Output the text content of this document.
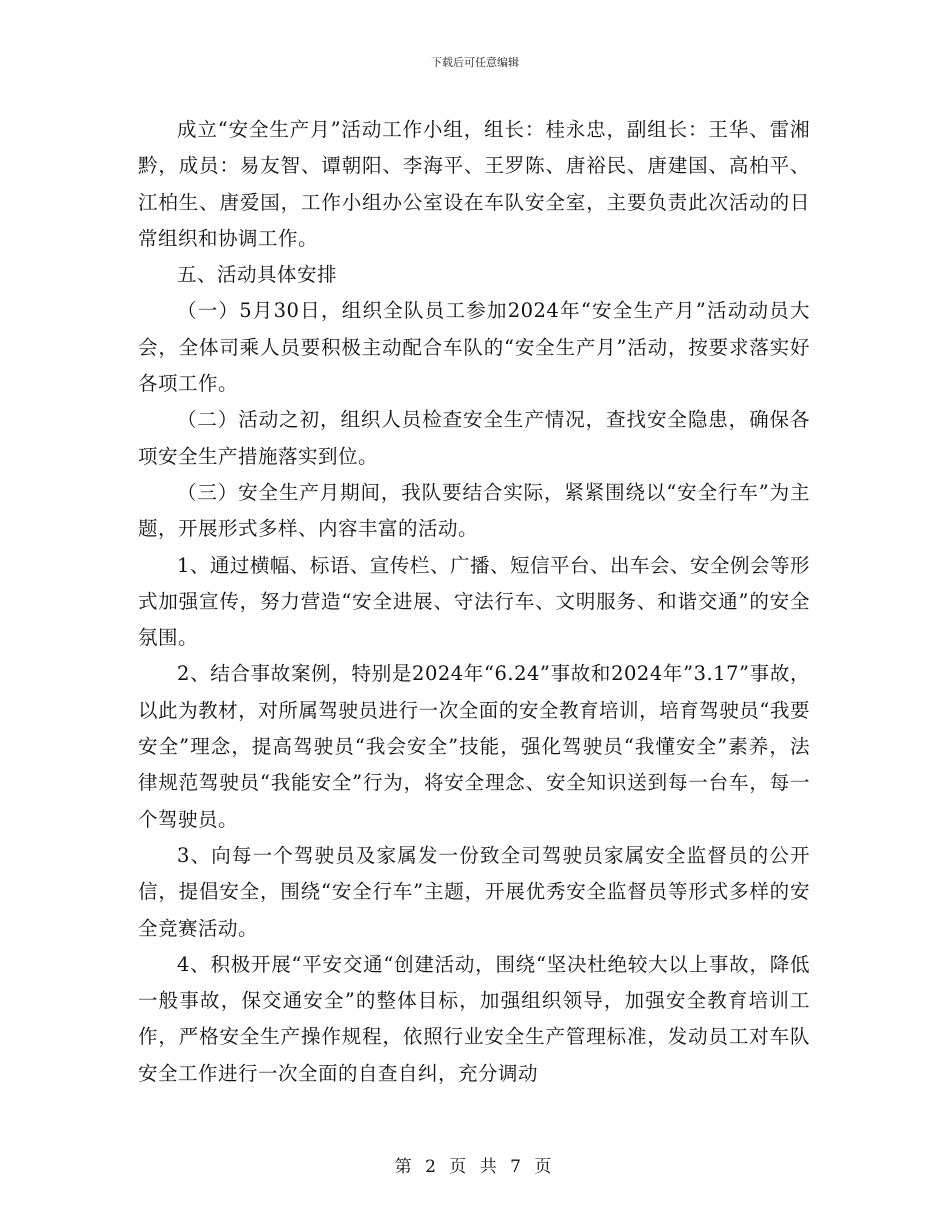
下载后可任意编辑

成立“安全生产月”活动工作小组，组长：桂永忠，副组长：王华、雷湘黔，成员：易友智、谭朝阳、李海平、王罗陈、唐裕民、唐建国、高柏平、江柏生、唐爱国，工作小组办公室设在车队安全室，主要负责此次活动的日常组织和协调工作。

五、活动具体安排

（一）5月30日，组织全队员工参加2024年“安全生产月”活动动员大会，全体司乘人员要积极主动配合车队的“安全生产月”活动，按要求落实好各项工作。

（二）活动之初，组织人员检查安全生产情况，查找安全隐患，确保各项安全生产措施落实到位。

（三）安全生产月期间，我队要结合实际，紧紧围绕以“安全行车”为主题，开展形式多样、内容丰富的活动。

1、通过横幅、标语、宣传栏、广播、短信平台、出车会、安全例会等形式加强宣传，努力营造“安全进展、守法行车、文明服务、和谐交通”的安全氛围。

2、结合事故案例，特别是2024年“6.24”事故和2024年”3.17”事故，以此为教材，对所属驾驶员进行一次全面的安全教育培训，培育驾驶员“我要安全”理念，提高驾驶员“我会安全”技能，强化驾驶员“我懂安全”素养，法律规范驾驶员“我能安全”行为，将安全理念、安全知识送到每一台车，每一个驾驶员。

3、向每一个驾驶员及家属发一份致全司驾驶员家属安全监督员的公开信，提倡安全，围绕“安全行车”主题，开展优秀安全监督员等形式多样的安全竞赛活动。

4、积极开展“平安交通“创建活动，围绕“坚决杜绝较大以上事故，降低一般事故，保交通安全”的整体目标，加强组织领导，加强安全教育培训工作，严格安全生产操作规程，依照行业安全生产管理标准，发动员工对车队安全工作进行一次全面的自查自纠，充分调动

第 2 页 共 7 页
